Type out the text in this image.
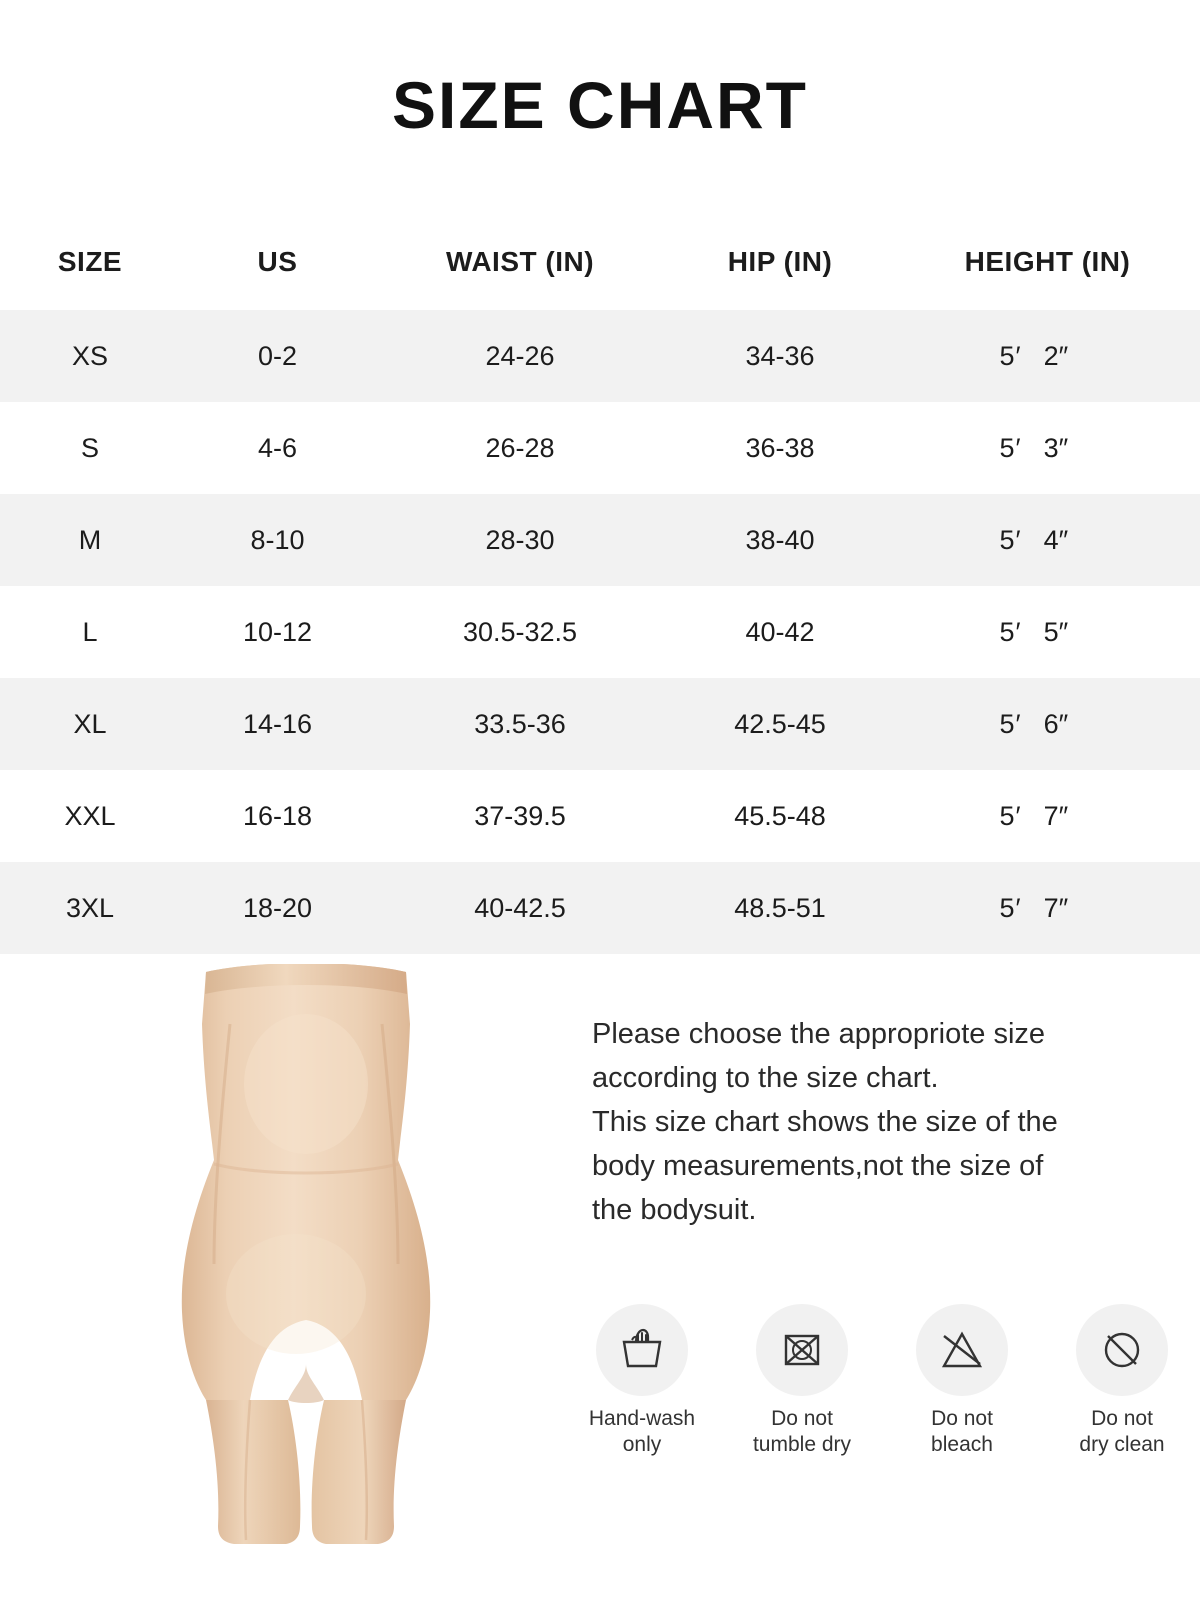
SIZE CHART
SIZE	US	WAIST (IN)	HIP (IN)	HEIGHT (IN)
XS	0-2	24-26	34-36	5′ 2″
S	4-6	26-28	36-38	5′ 3″
M	8-10	28-30	38-40	5′ 4″
L	10-12	30.5-32.5	40-42	5′ 5″
XL	14-16	33.5-36	42.5-45	5′ 6″
XXL	16-18	37-39.5	45.5-48	5′ 7″
3XL	18-20	40-42.5	48.5-51	5′ 7″

Please choose the appropriote size

according to the size chart.

This size chart shows the size of the

body measurements,not the size of

the bodysuit.

Hand-wash
only
Do not
tumble dry
Do not
bleach
Do not
dry clean
